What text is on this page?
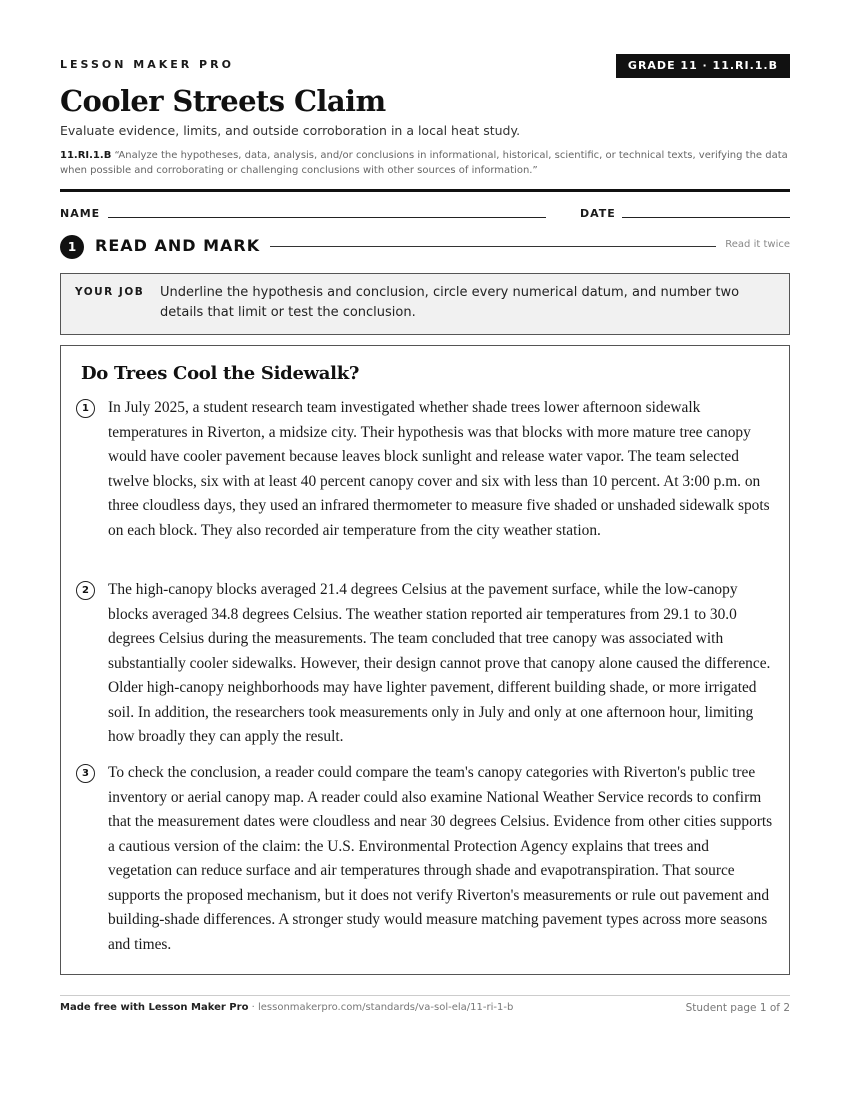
LESSON MAKER PRO	GRADE 11 · 11.RI.1.B
Cooler Streets Claim
Evaluate evidence, limits, and outside corroboration in a local heat study.
11.RI.1.B “Analyze the hypotheses, data, analysis, and/or conclusions in informational, historical, scientific, or technical texts, verifying the data when possible and corroborating or challenging conclusions with other sources of information.”
NAME	DATE
1	READ AND MARK	Read it twice
YOUR JOB Underline the hypothesis and conclusion, circle every numerical datum, and number two details that limit or test the conclusion.
Do Trees Cool the Sidewalk?
1	In July 2025, a student research team investigated whether shade trees lower afternoon sidewalk temperatures in Riverton, a midsize city. Their hypothesis was that blocks with more mature tree canopy would have cooler pavement because leaves block sunlight and release water vapor. The team selected twelve blocks, six with at least 40 percent canopy cover and six with less than 10 percent. At 3:00 p.m. on three cloudless days, they used an infrared thermometer to measure five shaded or unshaded sidewalk spots on each block. They also recorded air temperature from the city weather station.

2	The high-canopy blocks averaged 21.4 degrees Celsius at the pavement surface, while the low-canopy blocks averaged 34.8 degrees Celsius. The weather station reported air temperatures from 29.1 to 30.0 degrees Celsius during the measurements. The team concluded that tree canopy was associated with substantially cooler sidewalks. However, their design cannot prove that canopy alone caused the difference. Older high-canopy neighborhoods may have lighter pavement, different building shade, or more irrigated soil. In addition, the researchers took measurements only in July and only at one afternoon hour, limiting how broadly they can apply the result.

3	To check the conclusion, a reader could compare the team's canopy categories with Riverton's public tree inventory or aerial canopy map. A reader could also examine National Weather Service records to confirm that the measurement dates were cloudless and near 30 degrees Celsius. Evidence from other cities supports a cautious version of the claim: the U.S. Environmental Protection Agency explains that trees and vegetation can reduce surface and air temperatures through shade and evapotranspiration. That source supports the proposed mechanism, but it does not verify Riverton's measurements or rule out pavement and building-shade differences. A stronger study would measure matching pavement types across more seasons and times.

Made free with Lesson Maker Pro · lessonmakerpro.com/standards/va-sol-ela/11-ri-1-b	Student page 1 of 2
